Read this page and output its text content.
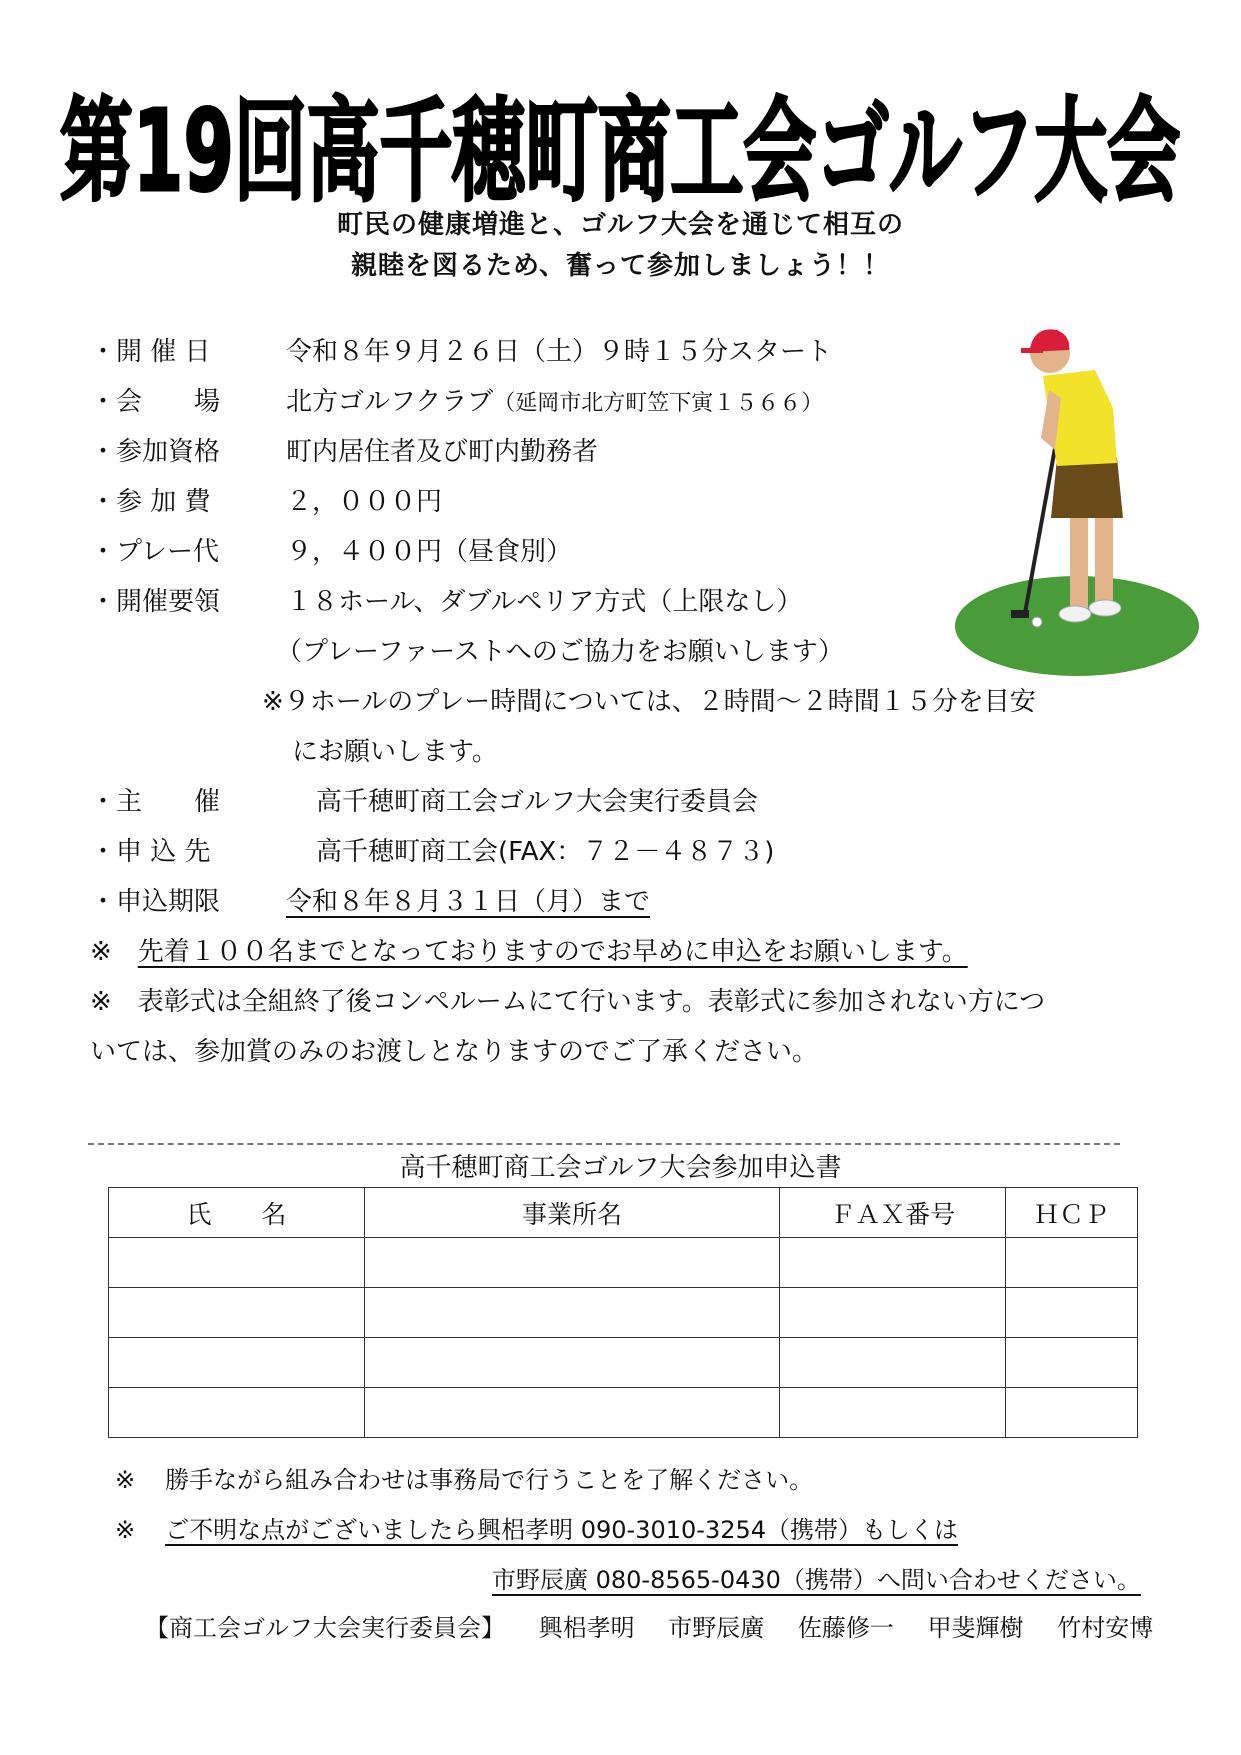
第19回高千穂町商工会ゴルフ大会
町民の健康増進と、ゴルフ大会を通じて相互の
親睦を図るため、奮って参加しましょう！！
・開 催 日	令和８年９月２６日（土）９時１５分スタート
・会　　場	北方ゴルフクラブ（延岡市北方町笠下寅１５６６）
・参加資格	町内居住者及び町内勤務者
・参 加 費	２，０００円
・プレー代	９，４００円（昼食別）
・開催要領	１８ホール、ダブルペリア方式（上限なし）
（プレーファーストへのご協力をお願いします）
※９ホールのプレー時間については、２時間～２時間１５分を目安
にお願いします。
・主　　催	高千穂町商工会ゴルフ大会実行委員会
・申 込 先	高千穂町商工会(FAX：７２－４８７３)
・申込期限	令和８年８月３１日（月）まで
※　 先着１００名までとなっておりますのでお早めに申込をお願いします。
※　表彰式は全組終了後コンペルームにて行います。表彰式に参加されない方につ
いては、参加賞のみのお渡しとなりますのでご了承ください。
高千穂町商工会ゴルフ大会参加申込書
氏　　名	事業所名	ＦＡＸ番号	ＨＣＰ

※ 勝手ながら組み合わせは事務局で行うことを了解ください。
※ ご不明な点がございましたら興梠孝明 090-3010-3254（携帯）もしくは
市野辰廣 080-8565-0430（携帯）へ問い合わせください。
【商工会ゴルフ大会実行委員会】 興梠孝明 市野辰廣 佐藤修一 甲斐輝樹 竹村安博
